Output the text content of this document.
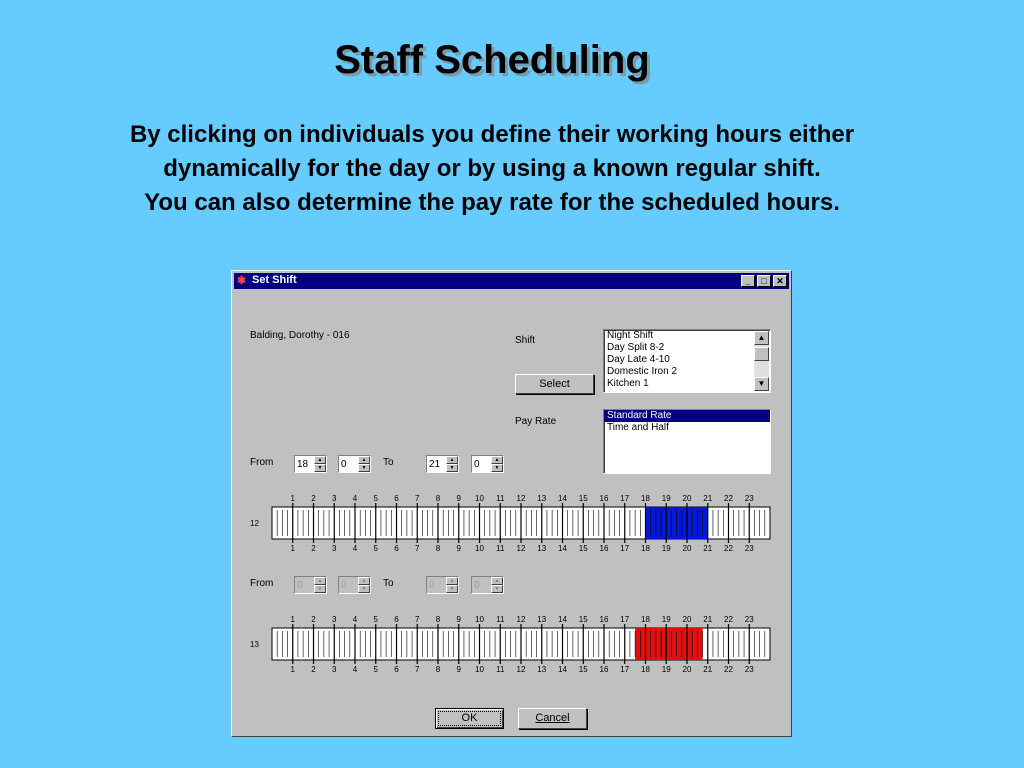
Staff Scheduling
By clicking on individuals you define their working hours either
dynamically for the day or by using a known regular shift.
You can also determine the pay rate for the scheduled hours.
✱ Set Shift	_	□	✕
Balding, Dorothy - 016	Shift	Night Shift
Day Split 8-2
Day Late 4-10
Domestic Iron 2
Kitchen 1
▲
▼
Select
Pay Rate
Standard Rate
Time and Half
From 18	▲
▼	0	▲
▼	To	21	▲
▼	0	▲
▼
12
1
1
2
2
3
3
4
4
5
5
6
6
7
7
8
8
9
9
10
10
11
11
12
12
13
13
14
14
15
15
16
16
17
17
18
18
19
19
20
20
21
21
22
22
23
23
From 0	▲
▼	0	▲
▼	To	0	▲
▼	0	▲
▼
13
1
1
2
2
3
3
4
4
5
5
6
6
7
7
8
8
9
9
10
10
11
11
12
12
13
13
14
14
15
15
16
16
17
17
18
18
19
19
20
20
21
21
22
22
23
23
OK	Cancel
